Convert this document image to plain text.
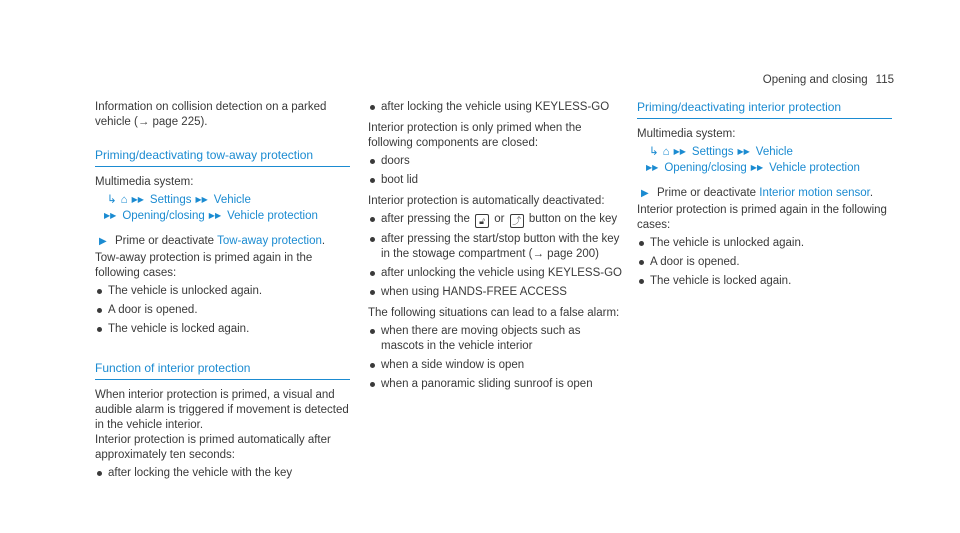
Opening and closing 115

Information on collision detection on a parked vehicle (→ page 225).

Priming/deactivating tow-away protection

Multimedia system:

↳ ⌂ ▶▶ Settings ▶▶ Vehicle
▶▶ Opening/closing ▶▶ Vehicle protection
▶ Prime or deactivate Tow-away protection.

Tow-away protection is primed again in the following cases:

The vehicle is unlocked again.
A door is opened.
The vehicle is locked again.
Function of interior protection

When interior protection is primed, a visual and audible alarm is triggered if movement is detected in the vehicle interior.

Interior protection is primed automatically after approximately ten seconds:

after locking the vehicle with the key
after locking the vehicle using KEYLESS-GO

Interior protection is only primed when the following components are closed:

doors
boot lid

Interior protection is automatically deactivated:

after pressing the 🔓︎ or ⤴ button on the key
after pressing the start/stop button with the key in the stowage compartment (→ page 200)
after unlocking the vehicle using KEYLESS-GO
when using HANDS-FREE ACCESS

The following situations can lead to a false alarm:

when there are moving objects such as mascots in the vehicle interior
when a side window is open
when a panoramic sliding sunroof is open
Priming/deactivating interior protection

Multimedia system:

↳ ⌂ ▶▶ Settings ▶▶ Vehicle
▶▶ Opening/closing ▶▶ Vehicle protection
▶ Prime or deactivate Interior motion sensor.

Interior protection is primed again in the following cases:

The vehicle is unlocked again.
A door is opened.
The vehicle is locked again.
